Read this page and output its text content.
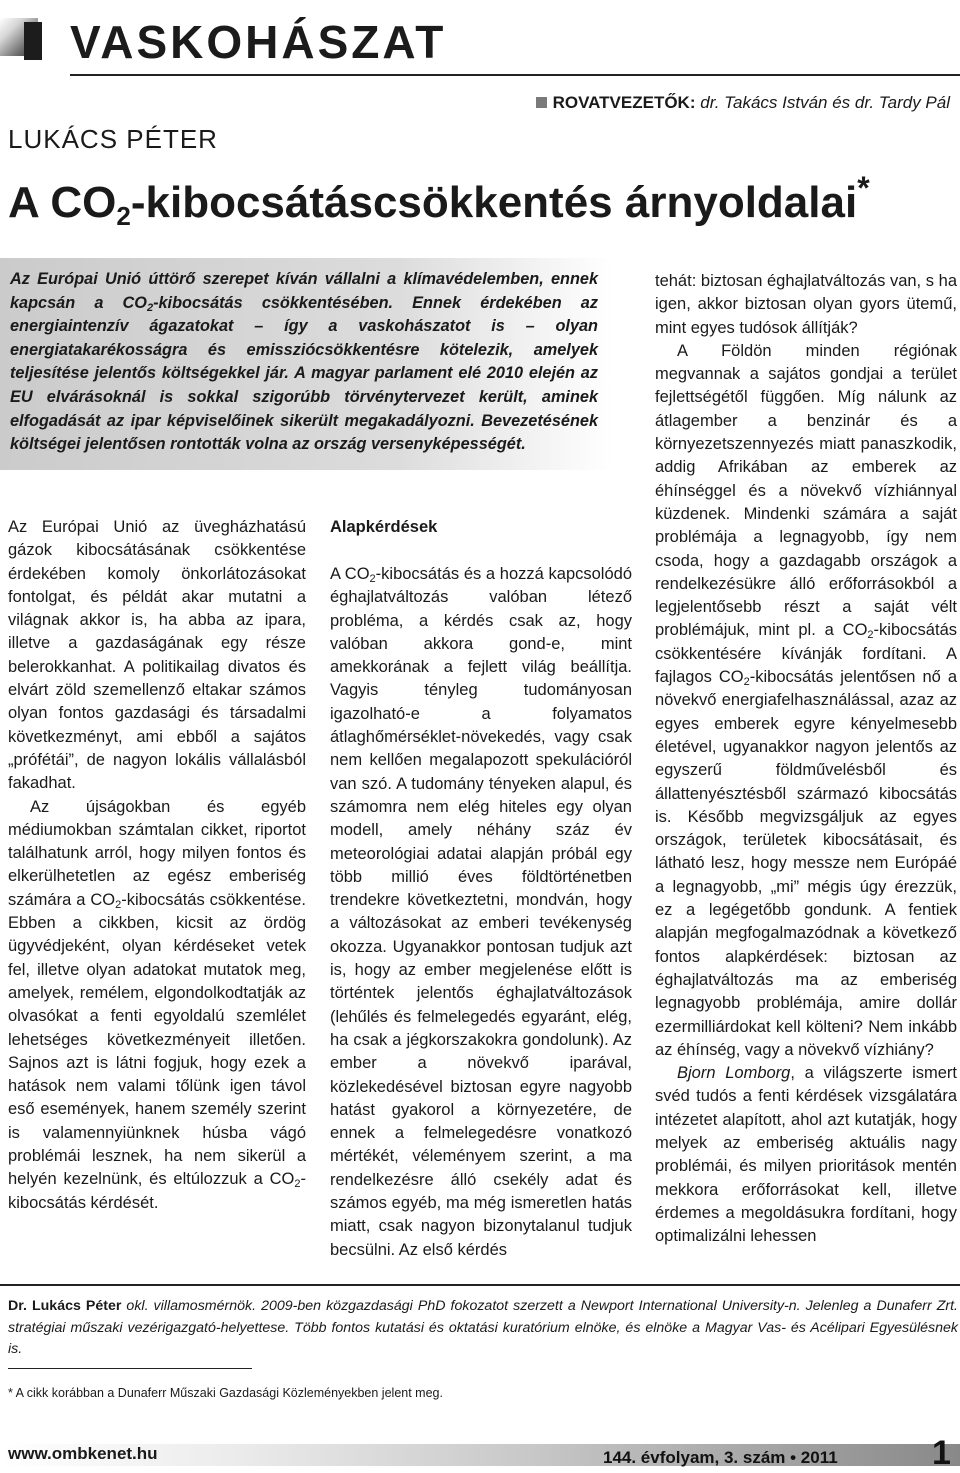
VASKOHÁSZAT
ROVATVEZETŐK: dr. Takács István és dr. Tardy Pál
LUKÁCS PÉTER
A $CO_2$-kibocsátáscsökkentés árnyoldalai*

Az Európai Unió úttörő szerepet kíván vállalni a klímavédelemben, ennek kapcsán a $CO_2$-kibocsátás csökkentésében. Ennek érdekében az energiaintenzív ágazatokat – így a vaskohászatot is – olyan energiatakarékosságra és emissziócsökkentésre kötelezik, amelyek teljesítése jelentős költségekkel jár. A magyar parlament elé 2010 elején az EU elvárásoknál is sokkal szigorúbb törvénytervezet került, aminek elfogadását az ipar képviselőinek sikerült megakadályozni. Bevezetésének költségei jelentősen rontották volna az ország versenyképességét.

Az Európai Unió az üvegházhatású gázok kibocsátásának csökkentése érdekében komoly önkorlátozásokat fontolgat, és példát akar mutatni a világnak akkor is, ha abba az ipara, illetve a gazdaságának egy része belerokkanhat. A politikailag divatos és elvárt zöld szemellenző eltakar számos olyan fontos gazdasági és társadalmi következményt, ami ebből a sajátos „prófétái”, de nagyon lokális vállalásból fakadhat.

Az újságokban és egyéb médiumokban számtalan cikket, riportot találhatunk arról, hogy milyen fontos és elkerülhetetlen az egész emberiség számára a $CO_2$-kibocsátás csökkentése. Ebben a cikkben, kicsit az ördög ügyvédjeként, olyan kérdéseket vetek fel, illetve olyan adatokat mutatok meg, amelyek, remélem, elgondolkodtatják az olvasókat a fenti egyoldalú szemlélet lehetséges következményeit illetően. Sajnos azt is látni fogjuk, hogy ezek a hatások nem valami tőlünk igen távol eső események, hanem személy szerint is valamennyiünknek húsba vágó problémái lesznek, ha nem sikerül a helyén kezelnünk, és eltúlozzuk a $CO_2$-kibocsátás kérdését.

Alapkérdések

A $CO_2$-kibocsátás és a hozzá kapcsolódó éghajlatváltozás valóban létező probléma, a kérdés csak az, hogy valóban akkora gond-e, mint amekkorának a fejlett világ beállítja. Vagyis tényleg tudományosan igazolható-e a folyamatos átlaghőmérséklet-növekedés, vagy csak nem kellően megalapozott spekulációról van szó. A tudomány tényeken alapul, és számomra nem elég hiteles egy olyan modell, amely néhány száz év meteorológiai adatai alapján próbál egy több millió éves földtörténetben trendekre következtetni, mondván, hogy a változásokat az emberi tevékenység okozza. Ugyanakkor pontosan tudjuk azt is, hogy az ember megjelenése előtt is történtek jelentős éghajlatváltozások (lehűlés és felmelegedés egyaránt, elég, ha csak a jégkorszakokra gondolunk). Az ember a növekvő iparával, közlekedésével biztosan egyre nagyobb hatást gyakorol a környezetére, de ennek a felmelegedésre vonatkozó mértékét, véleményem szerint, a ma rendelkezésre álló csekély adat és számos egyéb, ma még ismeretlen hatás miatt, csak nagyon bizonytalanul tudjuk becsülni. Az első kérdés

tehát: biztosan éghajlatváltozás van, s ha igen, akkor biztosan olyan gyors ütemű, mint egyes tudósok állítják?

A Földön minden régiónak megvannak a sajátos gondjai a terület fejlettségétől függően. Míg nálunk az átlagember a benzinár és a környezetszennyezés miatt panaszkodik, addig Afrikában az emberek az éhínséggel és a növekvő vízhiánnyal küzdenek. Mindenki számára a saját problémája a legnagyobb, így nem csoda, hogy a gazdagabb országok a rendelkezésükre álló erőforrásokból a legjelentősebb részt a saját vélt problémájuk, mint pl. a $CO_2$-kibocsátás csökkentésére kívánják fordítani. A fajlagos $CO_2$-kibocsátás jelentősen nő a növekvő energiafelhasználással, azaz az egyes emberek egyre kényelmesebb életével, ugyanakkor nagyon jelentős az egyszerű földművelésből és állattenyésztésből származó kibocsátás is. Később megvizsgáljuk az egyes országok, területek kibocsátásait, és látható lesz, hogy messze nem Európáé a legnagyobb, „mi” mégis úgy érezzük, ez a legégetőbb gondunk. A fentiek alapján megfogalmazódnak a következő fontos alapkérdések: biztosan az éghajlatváltozás ma az emberiség legnagyobb problémája, amire dollár ezermilliárdokat kell költeni? Nem inkább az éhínség, vagy a növekvő vízhiány?

Bjorn Lomborg, a világszerte ismert svéd tudós a fenti kérdések vizsgálatára intézetet alapított, ahol azt kutatják, hogy melyek az emberiség aktuális nagy problémái, és milyen prioritások mentén mekkora erőforrásokat kell, illetve érdemes a megoldásukra fordítani, hogy optimalizálni lehessen

Dr. Lukács Péter okl. villamosmérnök. 2009-ben közgazdasági PhD fokozatot szerzett a Newport International University-n. Jelenleg a Dunaferr Zrt. stratégiai műszaki vezérigazgató-helyettese. Több fontos kutatási és oktatási kuratórium elnöke, és elnöke a Magyar Vas- és Acélipari Egyesülésnek is.

* A cikk korábban a Dunaferr Műszaki Gazdasági Közleményekben jelent meg.

www.ombkenet.hu	144. évfolyam, 3. szám • 2011	1
